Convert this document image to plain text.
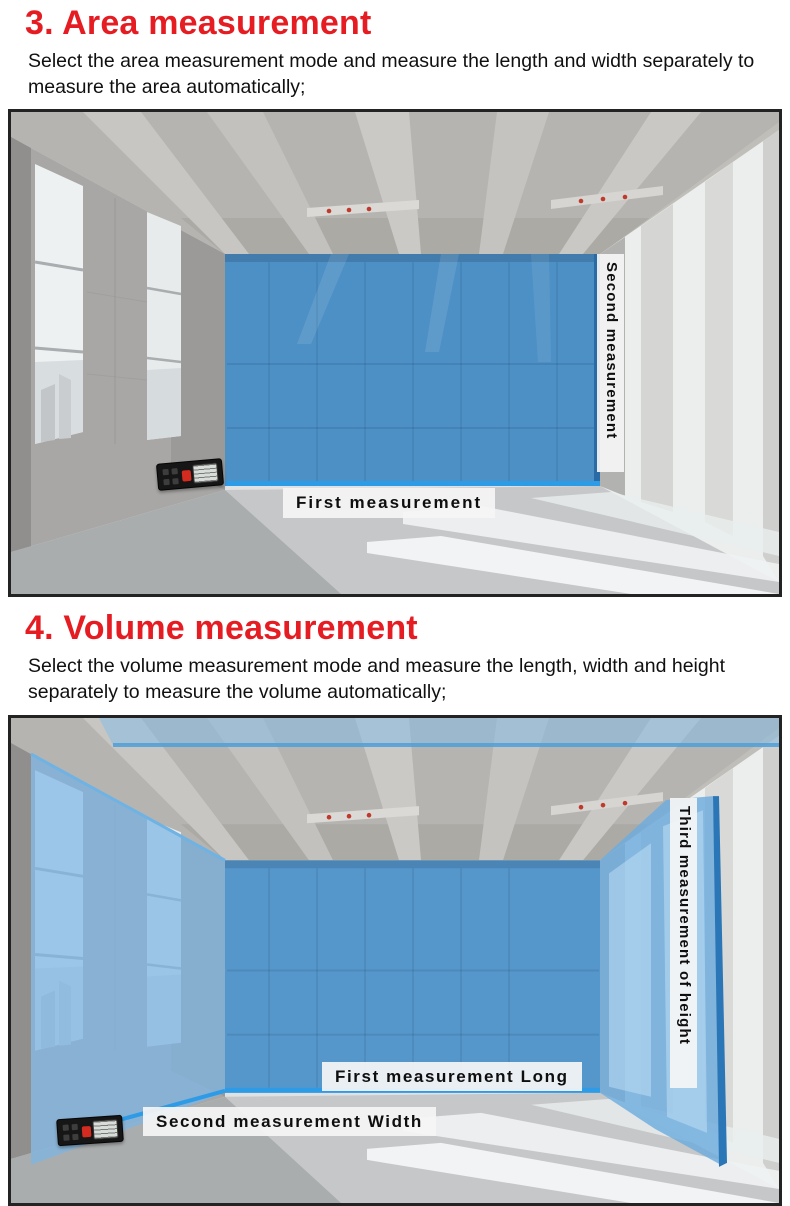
3. Area measurement

Select the area measurement mode and measure the length and width separately to measure the area automatically;

First measurement
Second measurement
4. Volume measurement

Select the volume measurement mode and measure the length, width and height separately to measure the volume automatically;

First measurement Long
Second measurement Width
Third measurement of height
